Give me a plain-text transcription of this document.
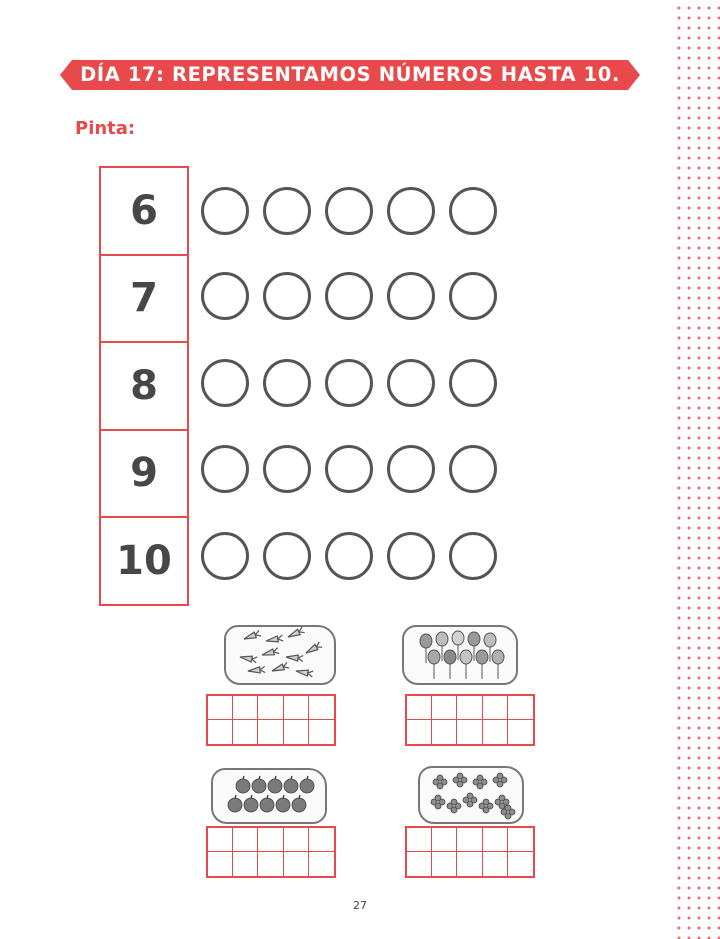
DÍA 17: REPRESENTAMOS NÚMEROS HASTA 10.
Pinta:
6
7
8
9
10
27
